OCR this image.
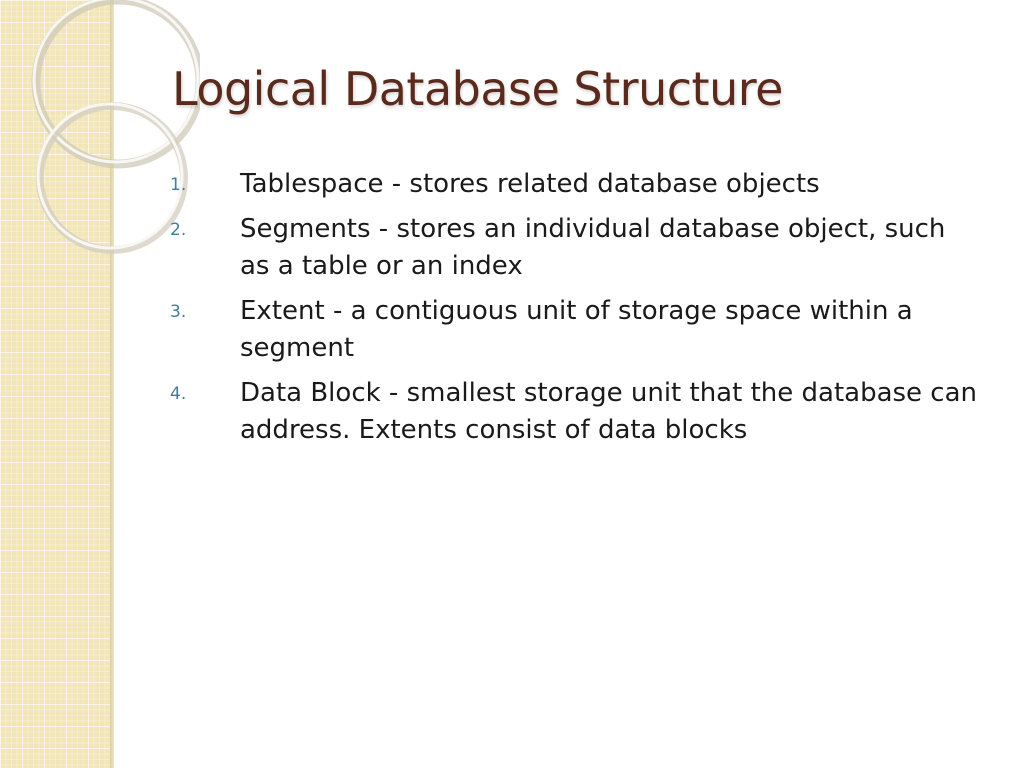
Logical Database Structure
1.	Tablespace - stores related database objects
2.	Segments - stores an individual database object, such as a table or an index
3.	Extent - a contiguous unit of storage space within a segment
4.	Data Block - smallest storage unit that the database can address. Extents consist of data blocks
